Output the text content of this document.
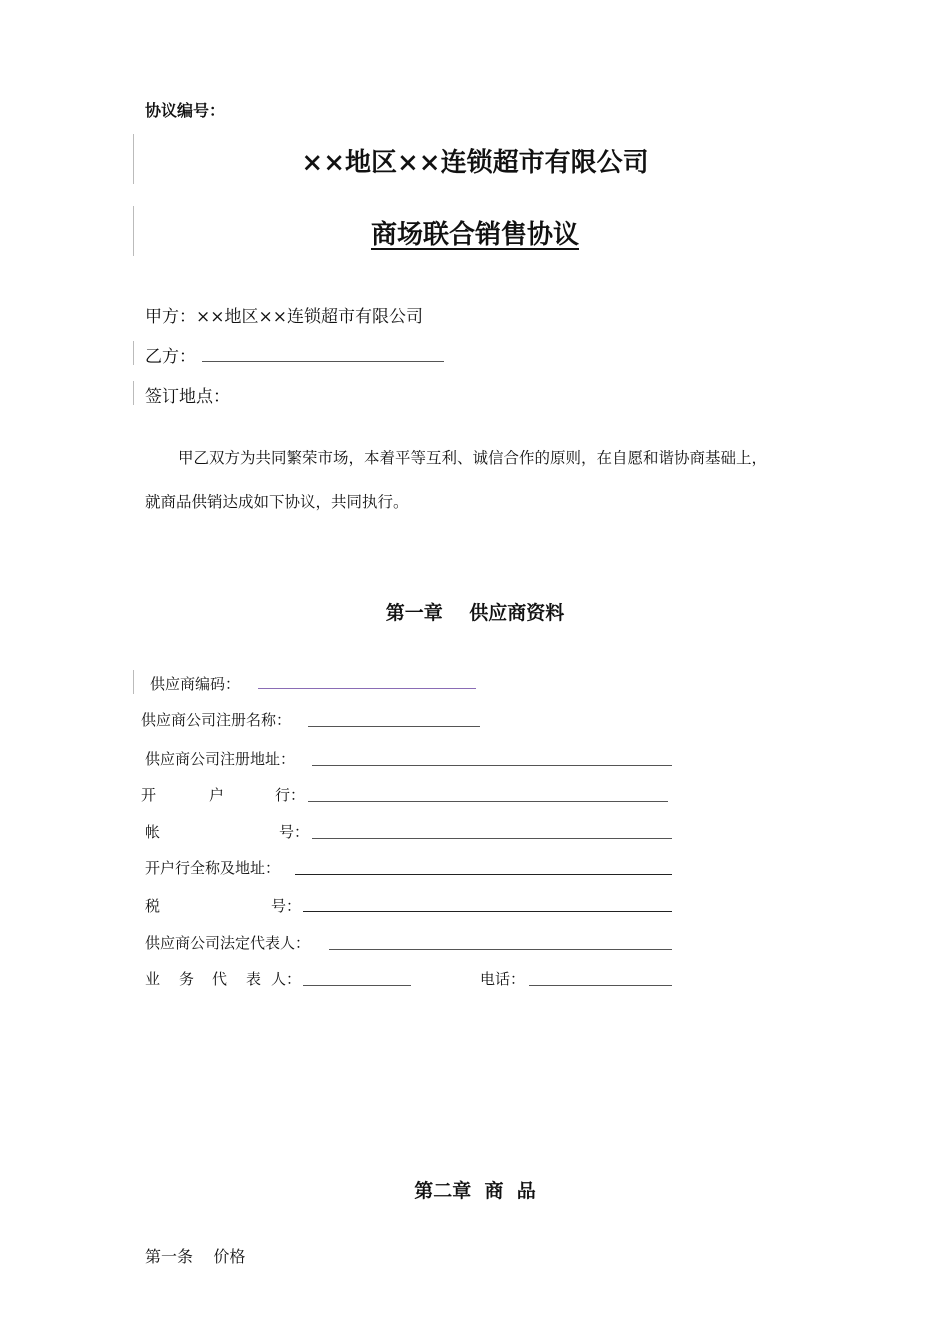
协议编号：
××地区××连锁超市有限公司
商场联合销售协议
甲方：××地区××连锁超市有限公司
乙方：
签订地点：
甲乙双方为共同繁荣市场，本着平等互利、诚信合作的原则，在自愿和谐协商基础上，
就商品供销达成如下协议，共同执行。
第一章    供应商资料
供应商编码：
供应商公司注册名称：
供应商公司注册地址：
开	户	行：
帐	号：
开户行全称及地址：
税	号：
供应商公司法定代表人：
业 务 代 表 人：	电话：
第二章  商  品
第一条    价格
